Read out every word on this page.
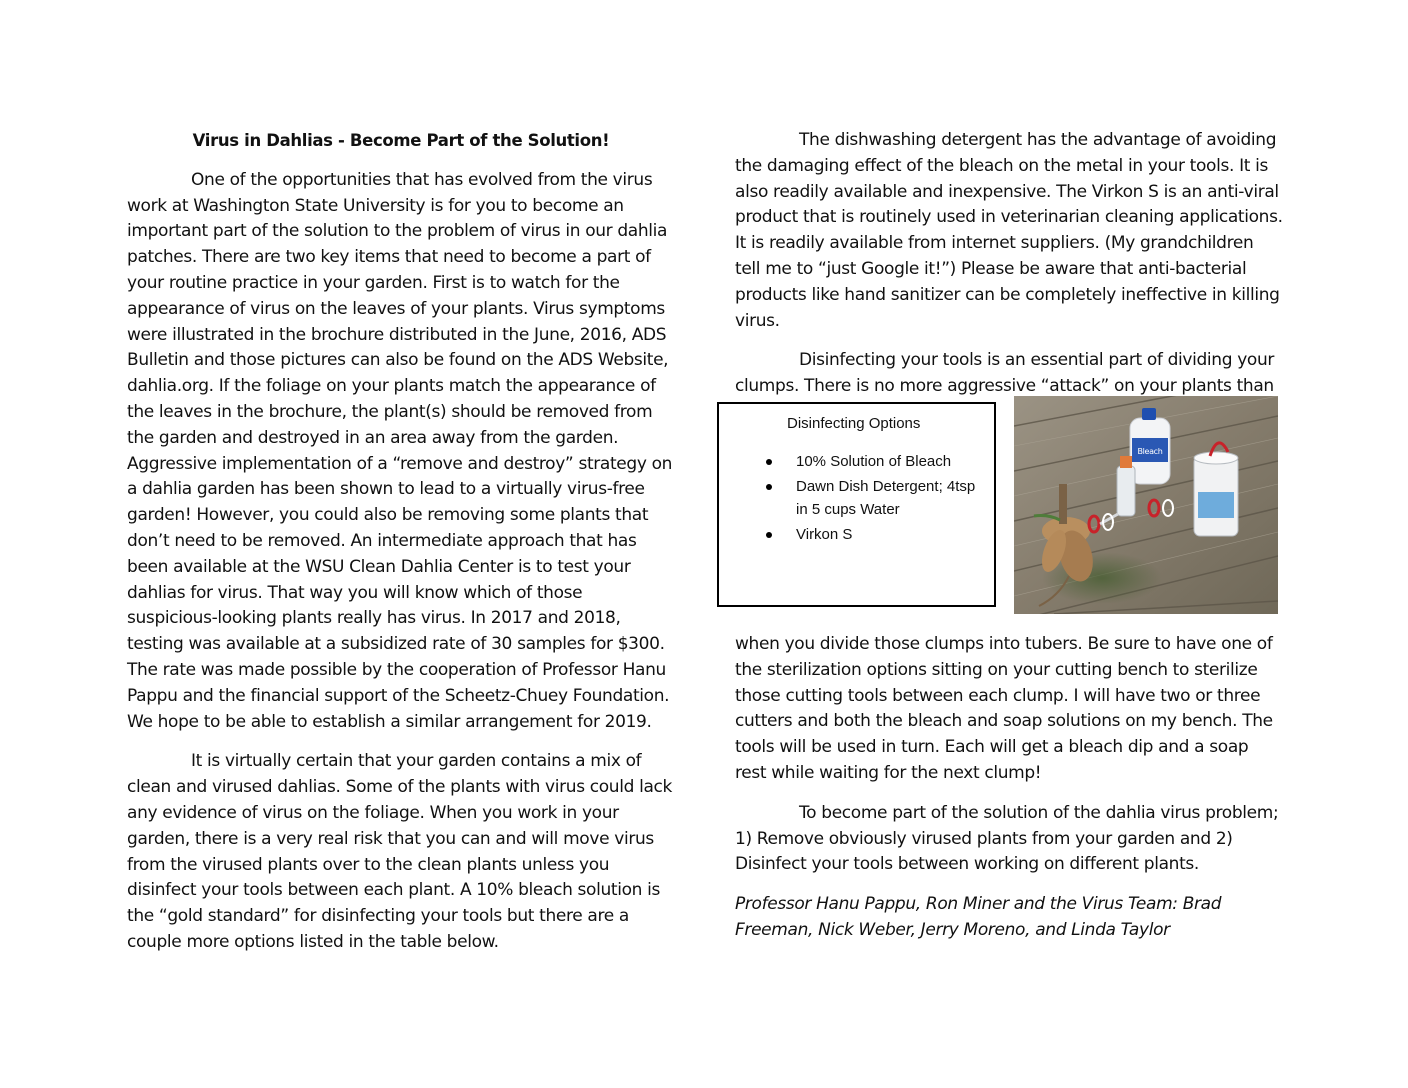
Virus in Dahlias - Become Part of the Solution!

One of the opportunities that has evolved from the virus work at Washington State University is for you to become an important part of the solution to the problem of virus in our dahlia patches. There are two key items that need to become a part of your routine practice in your garden. First is to watch for the appearance of virus on the leaves of your plants. Virus symptoms were illustrated in the brochure distributed in the June, 2016, ADS Bulletin and those pictures can also be found on the ADS Website, dahlia.org. If the foliage on your plants match the appearance of the leaves in the brochure, the plant(s) should be removed from the garden and destroyed in an area away from the garden. Aggressive implementation of a “remove and destroy” strategy on a dahlia garden has been shown to lead to a virtually virus-free garden! However, you could also be removing some plants that don’t need to be removed. An intermediate approach that has been available at the WSU Clean Dahlia Center is to test your dahlias for virus. That way you will know which of those suspicious-looking plants really has virus. In 2017 and 2018, testing was available at a subsidized rate of 30 samples for $300. The rate was made possible by the cooperation of Professor Hanu Pappu and the financial support of the Scheetz-Chuey Foundation. We hope to be able to establish a similar arrangement for 2019.

It is virtually certain that your garden contains a mix of clean and virused dahlias. Some of the plants with virus could lack any evidence of virus on the foliage. When you work in your garden, there is a very real risk that you can and will move virus from the virused plants over to the clean plants unless you disinfect your tools between each plant. A 10% bleach solution is the “gold standard” for disinfecting your tools but there are a couple more options listed in the table below.

The dishwashing detergent has the advantage of avoiding the damaging effect of the bleach on the metal in your tools. It is also readily available and inexpensive. The Virkon S is an anti-viral product that is routinely used in veterinarian cleaning applications. It is readily available from internet suppliers. (My grandchildren tell me to “just Google it!”) Please be aware that anti-bacterial products like hand sanitizer can be completely ineffective in killing virus.

Disinfecting your tools is an essential part of dividing your clumps. There is no more aggressive “attack” on your plants than

Disinfecting Options
10% Solution of Bleach
Dawn Dish Detergent; 4tsp in 5 cups Water
Virkon S
Bleach

when you divide those clumps into tubers. Be sure to have one of the sterilization options sitting on your cutting bench to sterilize those cutting tools between each clump. I will have two or three cutters and both the bleach and soap solutions on my bench. The tools will be used in turn. Each will get a bleach dip and a soap rest while waiting for the next clump!

To become part of the solution of the dahlia virus problem; 1) Remove obviously virused plants from your garden and 2) Disinfect your tools between working on different plants.

Professor Hanu Pappu, Ron Miner and the Virus Team: Brad Freeman, Nick Weber, Jerry Moreno, and Linda Taylor
